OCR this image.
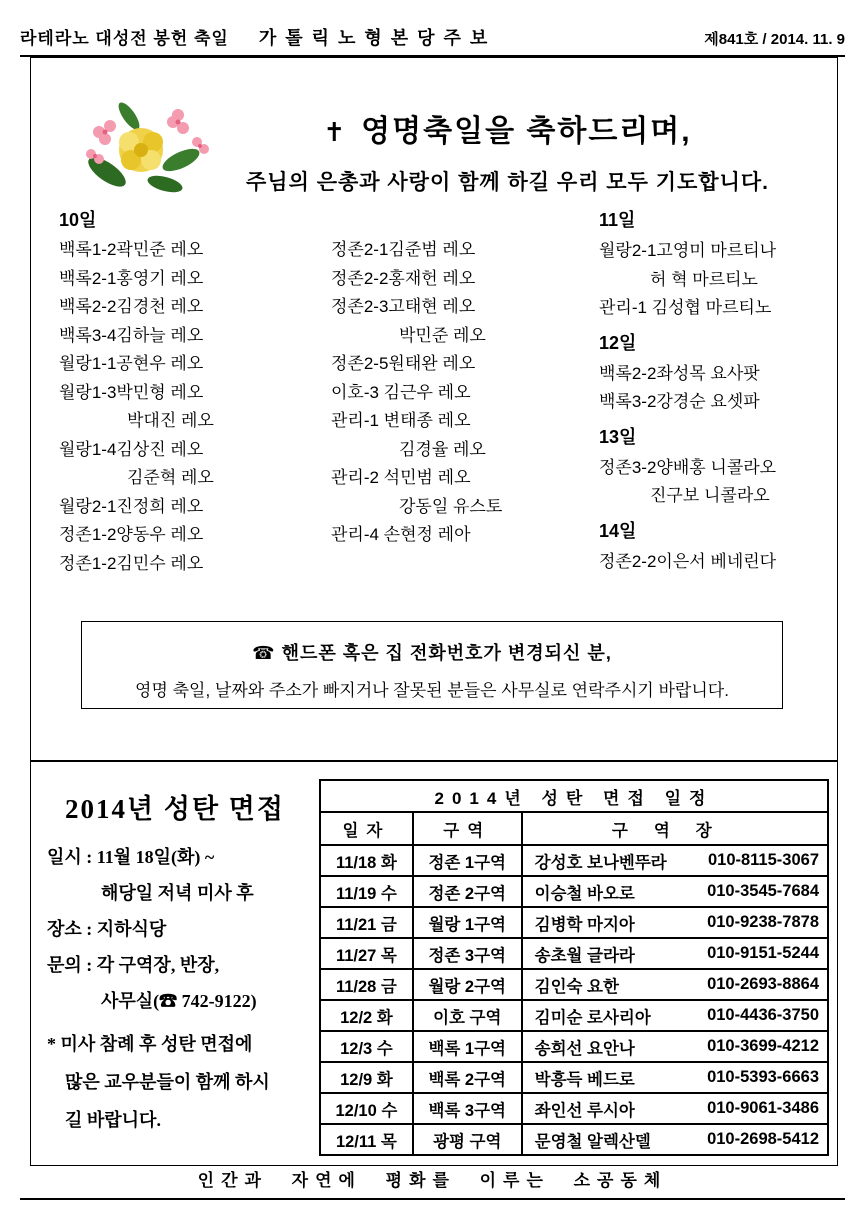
라테라노 대성전 봉헌 축일 가톨릭노형본당주보	제841호 / 2014. 11. 9
✝ 영명축일을 축하드리며,
주님의 은총과 사랑이 함께 하길 우리 모두 기도합니다.
10일
백록1-2곽민준 레오
백록2-1홍영기 레오
백록2-2김경천 레오
백록3-4김하늘 레오
월랑1-1공현우 레오
월랑1-3박민형 레오
　　　　박대진 레오
월랑1-4김상진 레오
　　　　김준혁 레오
월랑2-1진정희 레오
정존1-2양동우 레오
정존1-2김민수 레오
정존2-1김준범 레오
정존2-2홍재헌 레오
정존2-3고태현 레오
　　　　박민준 레오
정존2-5원태완 레오
이호-3 김근우 레오
관리-1 변태종 레오
　　　　김경율 레오
관리-2 석민범 레오
　　　　강동일 유스토
관리-4 손현정 레아
11일
월랑2-1고영미 마르티나
　　　허 혁 마르티노
관리-1 김성협 마르티노
12일
백록2-2좌성목 요사팟
백록3-2강경순 요셋파
13일
정존3-2양배홍 니콜라오
　　　진구보 니콜라오
14일
정존2-2이은서 베네린다
☎ 핸드폰 혹은 집 전화번호가 변경되신 분,
영명 축일, 날짜와 주소가 빠지거나 잘못된 분들은 사무실로 연락주시기 바랍니다.
2014년 성탄 면접
일시 : 11월 18일(화) ~
　　　해당일 저녁 미사 후
장소 : 지하식당
문의 : 각 구역장, 반장,
　　　사무실(☎ 742-9122)
* 미사 참례 후 성탄 면접에
　많은 교우분들이 함께 하시
　길 바랍니다.
2014년 성탄 면접 일정		
일자	구역	구역장
11/18 화	정존 1구역	강성호 보나벤뚜라 010-8115-3067

11/19 수	정존 2구역	이승철 바오로 010-3545-7684

11/21 금	월랑 1구역	김병학 마지아 010-9238-7878

11/27 목	정존 3구역	송초월 글라라 010-9151-5244

11/28 금	월랑 2구역	김인숙 요한 010-2693-8864

12/2 화	이호 구역	김미순 로사리아 010-4436-3750

12/3 수	백록 1구역	송희선 요안나 010-3699-4212

12/9 화	백록 2구역	박흥득 베드로 010-5393-6663

12/10 수	백록 3구역	좌인선 루시아 010-9061-3486

12/11 목	광평 구역	문영철 알렉산델 010-2698-5412
인간과 자연에 평화를 이루는 소공동체
